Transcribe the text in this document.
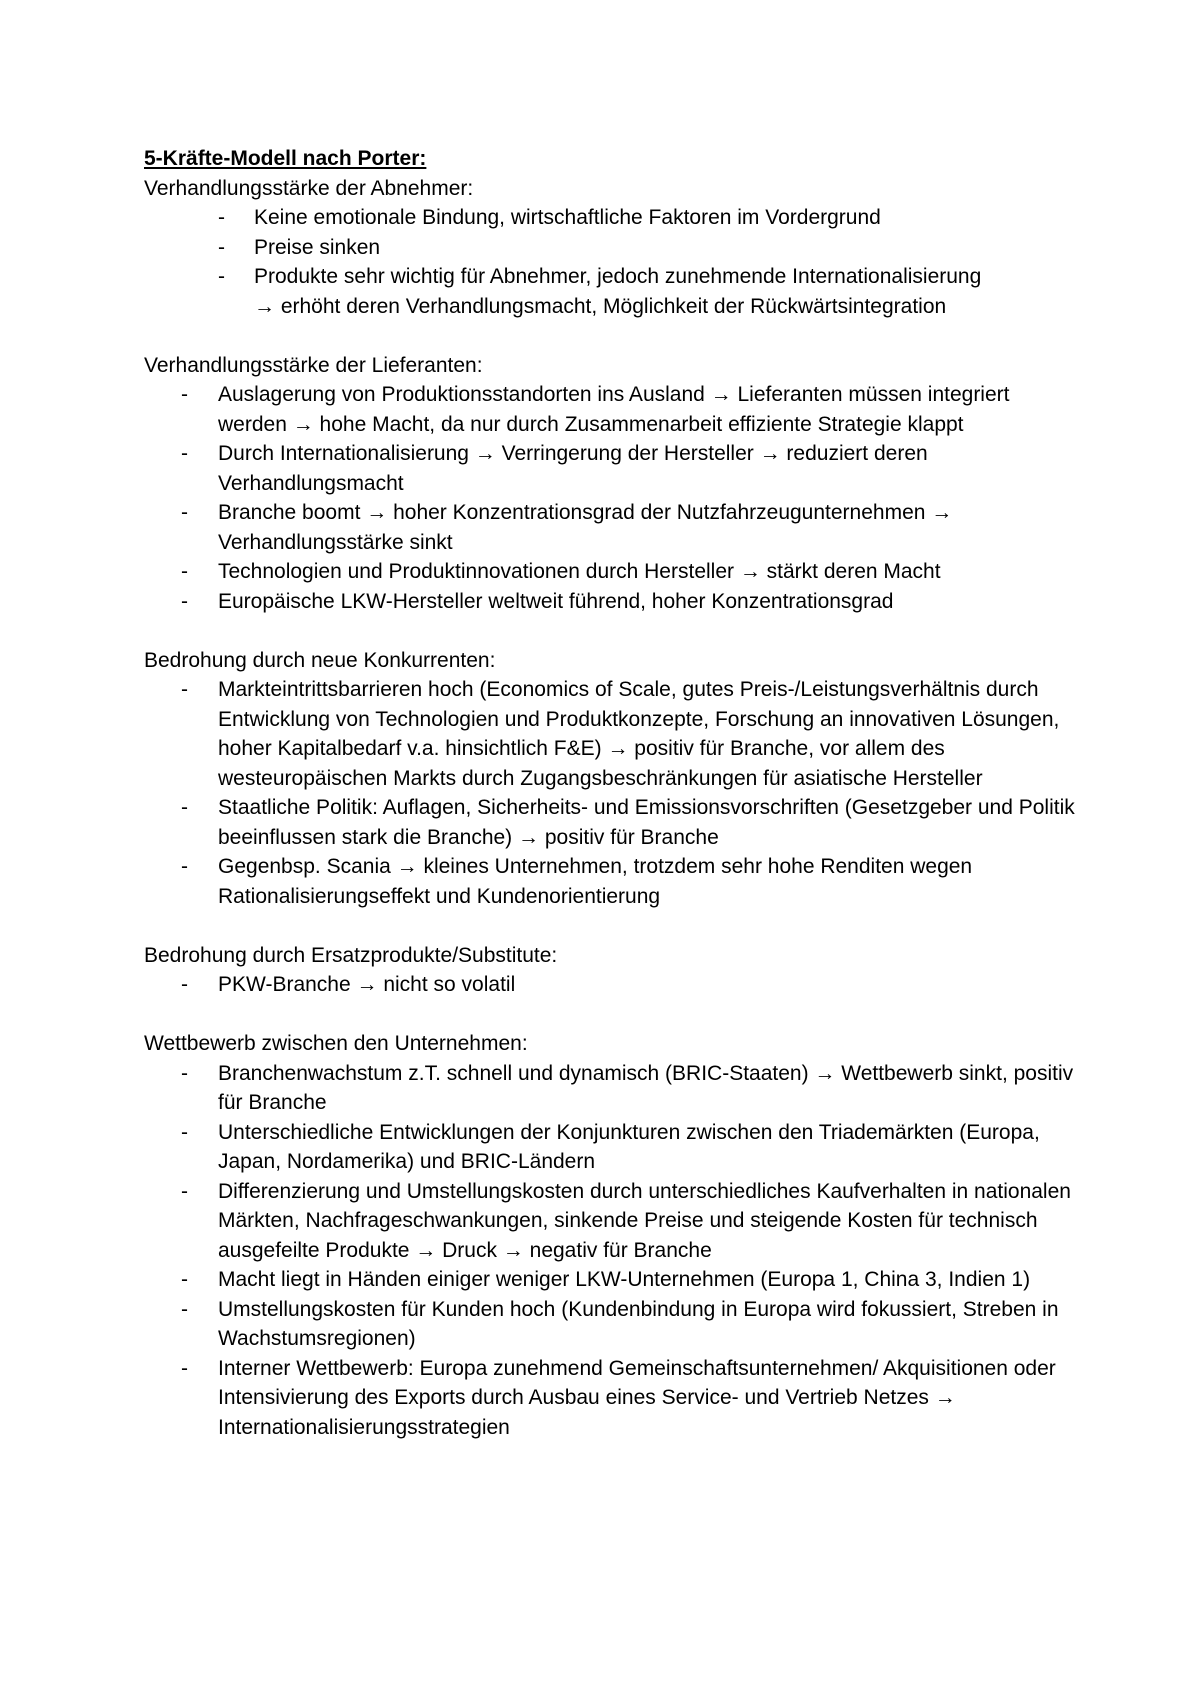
5-Kräfte-Modell nach Porter:

Verhandlungsstärke der Abnehmer:

- Keine emotionale Bindung, wirtschaftliche Faktoren im Vordergrund
- Preise sinken
- Produkte sehr wichtig für Abnehmer, jedoch zunehmende Internationalisierung
→ erhöht deren Verhandlungsmacht, Möglichkeit der Rückwärtsintegration

Verhandlungsstärke der Lieferanten:

- Auslagerung von Produktionsstandorten ins Ausland → Lieferanten müssen integriert werden → hohe Macht, da nur durch Zusammenarbeit effiziente Strategie klappt
- Durch Internationalisierung → Verringerung der Hersteller → reduziert deren Verhandlungsmacht
- Branche boomt → hoher Konzentrationsgrad der Nutzfahrzeugunternehmen → Verhandlungsstärke sinkt
- Technologien und Produktinnovationen durch Hersteller → stärkt deren Macht
- Europäische LKW-Hersteller weltweit führend, hoher Konzentrationsgrad

Bedrohung durch neue Konkurrenten:

- Markteintrittsbarrieren hoch (Economics of Scale, gutes Preis-/Leistungsverhältnis durch Entwicklung von Technologien und Produktkonzepte, Forschung an innovativen Lösungen, hoher Kapitalbedarf v.a. hinsichtlich F&E) → positiv für Branche, vor allem des westeuropäischen Markts durch Zugangsbeschränkungen für asiatische Hersteller
- Staatliche Politik: Auflagen, Sicherheits- und Emissionsvorschriften (Gesetzgeber und Politik beeinflussen stark die Branche) → positiv für Branche
- Gegenbsp. Scania → kleines Unternehmen, trotzdem sehr hohe Renditen wegen Rationalisierungseffekt und Kundenorientierung

Bedrohung durch Ersatzprodukte/Substitute:

- PKW-Branche → nicht so volatil

Wettbewerb zwischen den Unternehmen:

- Branchenwachstum z.T. schnell und dynamisch (BRIC-Staaten) → Wettbewerb sinkt, positiv für Branche
- Unterschiedliche Entwicklungen der Konjunkturen zwischen den Triademärkten (Europa, Japan, Nordamerika) und BRIC-Ländern
- Differenzierung und Umstellungskosten durch unterschiedliches Kaufverhalten in nationalen Märkten, Nachfrageschwankungen, sinkende Preise und steigende Kosten für technisch ausgefeilte Produkte → Druck → negativ für Branche
- Macht liegt in Händen einiger weniger LKW-Unternehmen (Europa 1, China 3, Indien 1)
- Umstellungskosten für Kunden hoch (Kundenbindung in Europa wird fokussiert, Streben in Wachstumsregionen)
- Interner Wettbewerb: Europa zunehmend Gemeinschaftsunternehmen/ Akquisitionen oder Intensivierung des Exports durch Ausbau eines Service- und Vertrieb Netzes → Internationalisierungsstrategien
